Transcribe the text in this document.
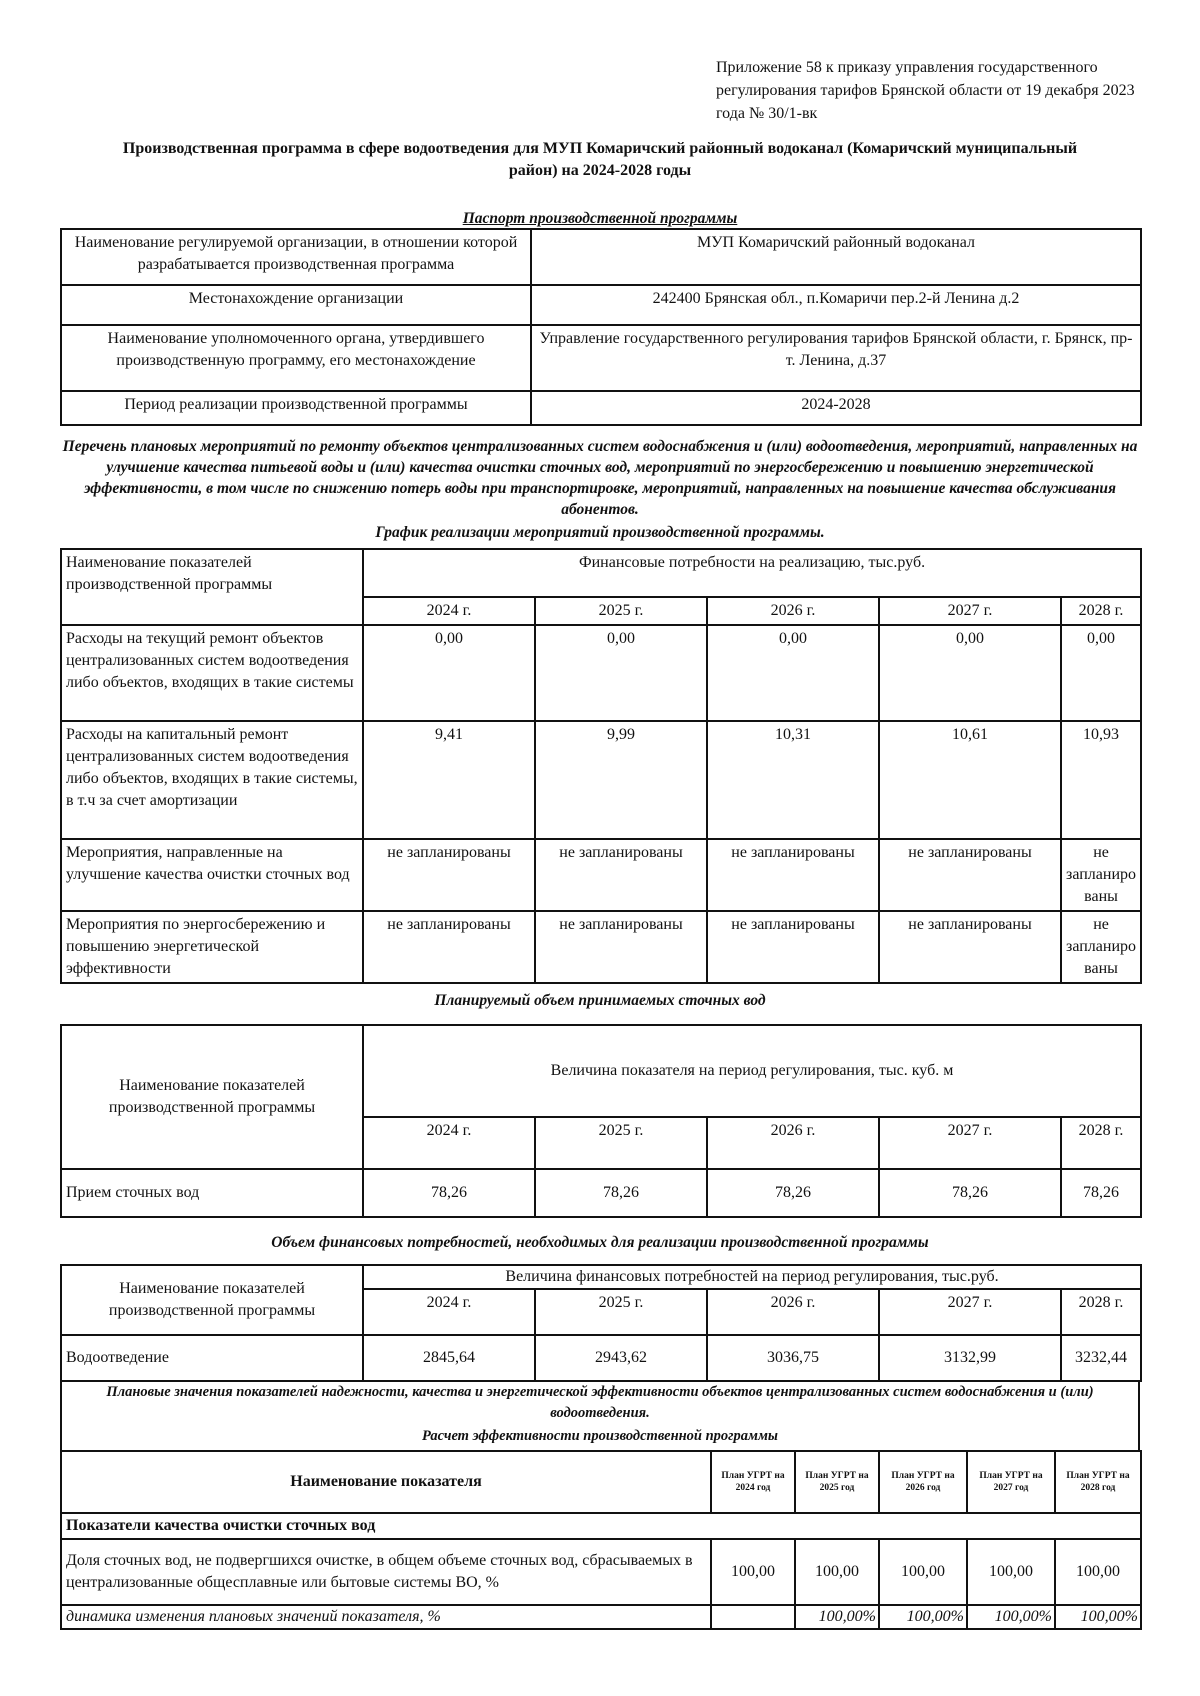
Приложение 58 к приказу управления государственного регулирования тарифов Брянской области от 19 декабря 2023 года № 30/1-вк
Производственная программа в сфере водоотведения для МУП Комаричский районный водоканал (Комаричский муниципальный район) на 2024-2028 годы
Паспорт производственной программы
Наименование регулируемой организации, в отношении которой разрабатывается производственная программа	МУП Комаричский районный водоканал
Местонахождение организации	242400 Брянская обл., п.Комаричи пер.2-й Ленина д.2
Наименование уполномоченного органа, утвердившего производственную программу, его местонахождение	Управление государственного регулирования тарифов Брянской области, г. Брянск, пр-т. Ленина, д.37
Период реализации производственной программы	2024-2028
Перечень плановых мероприятий по ремонту объектов централизованных систем водоснабжения и (или) водоотведения, мероприятий, направленных на улучшение качества питьевой воды и (или) качества очистки сточных вод, мероприятий по энергосбережению и повышению энергетической эффективности, в том числе по снижению потерь воды при транспортировке, мероприятий, направленных на повышение качества обслуживания абонентов.
График реализации мероприятий производственной программы.
Наименование показателей производственной программы	Финансовые потребности на реализацию, тыс.руб.				
	2024 г.	2025 г.	2026 г.	2027 г.	2028 г.
Расходы на текущий ремонт объектов централизованных систем водоотведения либо объектов, входящих в такие системы	0,00	0,00	0,00	0,00	0,00
Расходы на капитальный ремонт централизованных систем водоотведения либо объектов, входящих в такие системы, в т.ч за счет амортизации	9,41	9,99	10,31	10,61	10,93
Мероприятия, направленные на улучшение качества очистки сточных вод	не запланированы	не запланированы	не запланированы	не запланированы	не запланиро ваны
Мероприятия по энергосбережению и повышению энергетической эффективности	не запланированы	не запланированы	не запланированы	не запланированы	не запланиро ваны
Планируемый объем принимаемых сточных вод
Наименование показателей производственной программы	Величина показателя на период регулирования, тыс. куб. м				
	2024 г.	2025 г.	2026 г.	2027 г.	2028 г.
Прием сточных вод	78,26	78,26	78,26	78,26	78,26
Объем финансовых потребностей, необходимых для реализации производственной программы
Наименование показателей производственной программы	Величина финансовых потребностей на период регулирования, тыс.руб.				
	2024 г.	2025 г.	2026 г.	2027 г.	2028 г.
Водоотведение	2845,64	2943,62	3036,75	3132,99	3232,44
Плановые значения показателей надежности, качества и энергетической эффективности объектов централизованных систем водоснабжения и (или) водоотведения.
Расчет эффективности производственной программы
Наименование показателя	План УГРТ на 2024 год	План УГРТ на 2025 год	План УГРТ на 2026 год	План УГРТ на 2027 год	План УГРТ на 2028 год
Показатели качества очистки сточных вод					
Доля сточных вод, не подвергшихся очистке, в общем объеме сточных вод, сбрасываемых в централизованные общесплавные или бытовые системы ВО, %	100,00	100,00	100,00	100,00	100,00
динамика изменения плановых значений показателя, %		100,00%	100,00%	100,00%	100,00%
